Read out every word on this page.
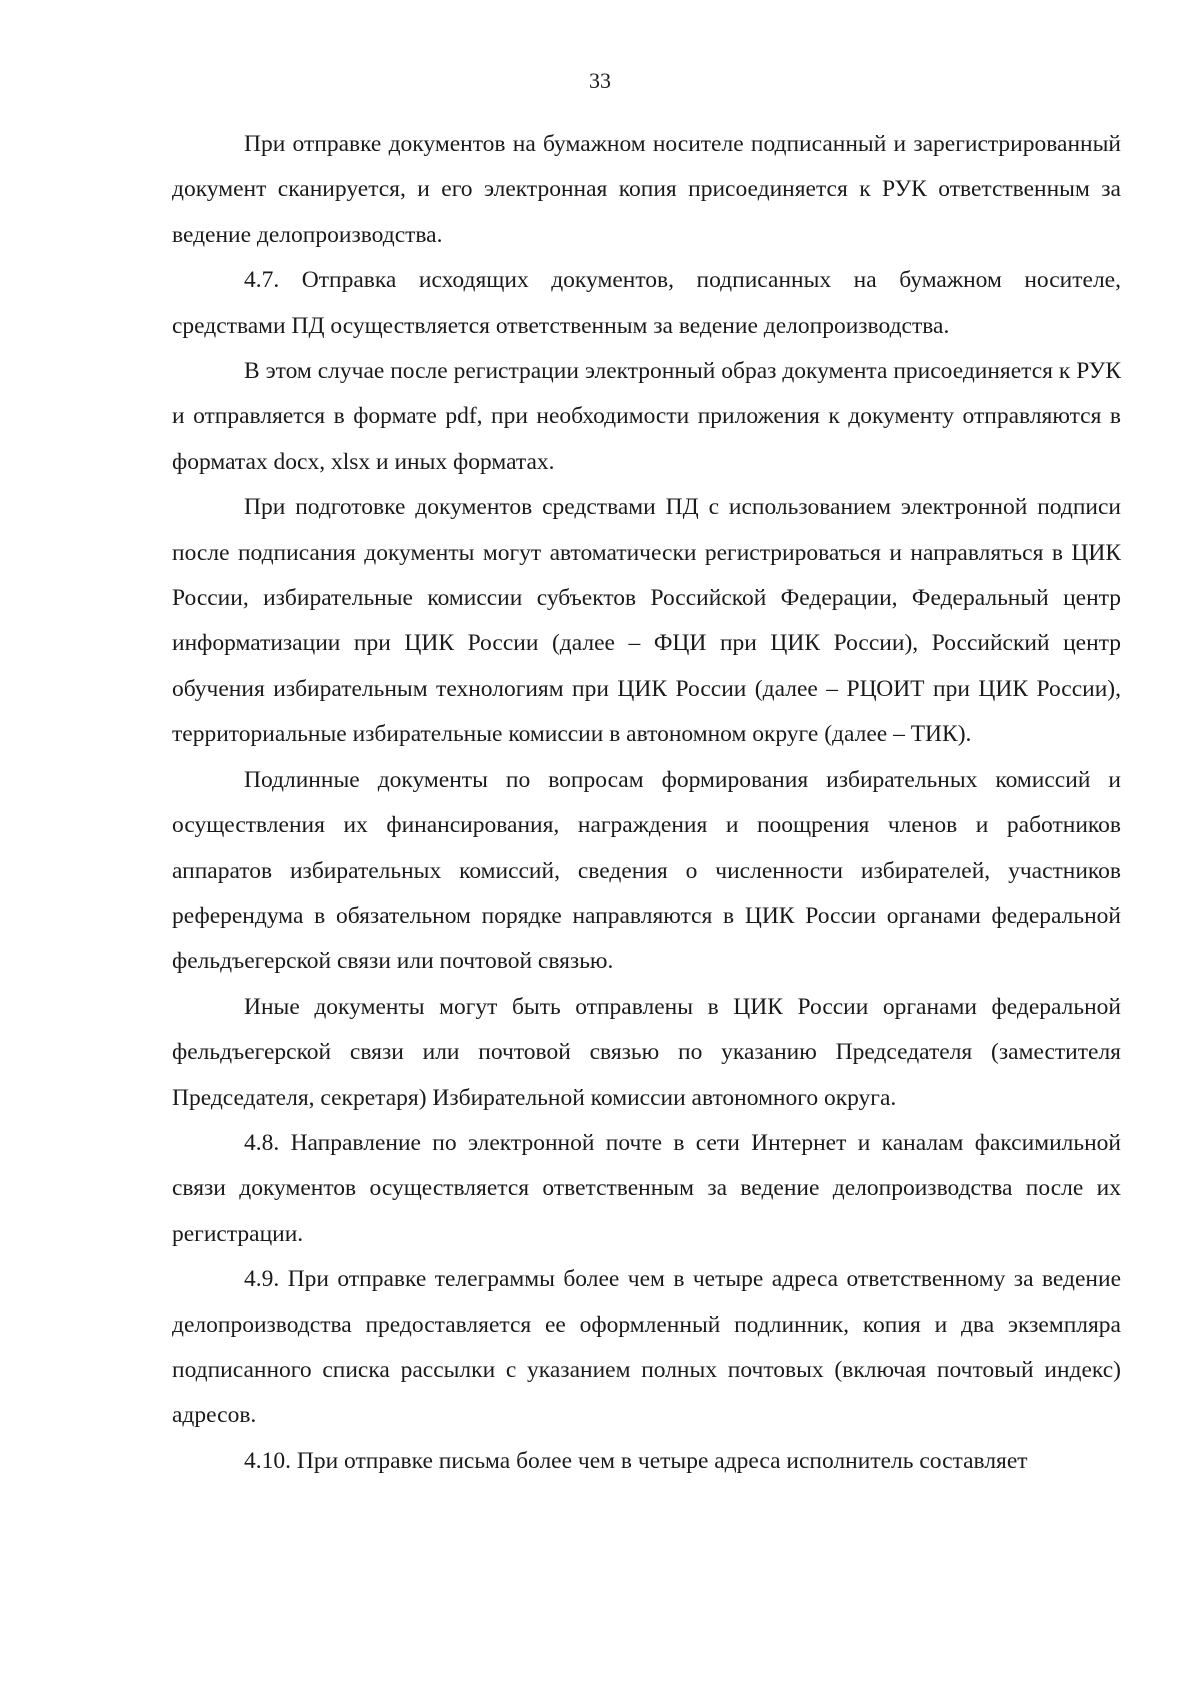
33

При отправке документов на бумажном носителе подписанный и зарегистрированный документ сканируется, и его электронная копия присоединяется к РУК ответственным за ведение делопроизводства.

4.7. Отправка исходящих документов, подписанных на бумажном носителе, средствами ПД осуществляется ответственным за ведение делопроизводства.

В этом случае после регистрации электронный образ документа присоединяется к РУК и отправляется в формате pdf, при необходимости приложения к документу отправляются в форматах docx, xlsx и иных форматах.

При подготовке документов средствами ПД с использованием электронной подписи после подписания документы могут автоматически регистрироваться и направляться в ЦИК России, избирательные комиссии субъектов Российской Федерации, Федеральный центр информатизации при ЦИК России (далее – ФЦИ при ЦИК России), Российский центр обучения избирательным технологиям при ЦИК России (далее – РЦОИТ при ЦИК России), территориальные избирательные комиссии в автономном округе (далее – ТИК).

Подлинные документы по вопросам формирования избирательных комиссий и осуществления их финансирования, награждения и поощрения членов и работников аппаратов избирательных комиссий, сведения о численности избирателей, участников референдума в обязательном порядке направляются в ЦИК России органами федеральной фельдъегерской связи или почтовой связью.

Иные документы могут быть отправлены в ЦИК России органами федеральной фельдъегерской связи или почтовой связью по указанию Председателя (заместителя Председателя, секретаря) Избирательной комиссии автономного округа.

4.8. Направление по электронной почте в сети Интернет и каналам факсимильной связи документов осуществляется ответственным за ведение делопроизводства после их регистрации.

4.9. При отправке телеграммы более чем в четыре адреса ответственному за ведение делопроизводства предоставляется ее оформленный подлинник, копия и два экземпляра подписанного списка рассылки с указанием полных почтовых (включая почтовый индекс) адресов.

4.10. При отправке письма более чем в четыре адреса исполнитель составляет
